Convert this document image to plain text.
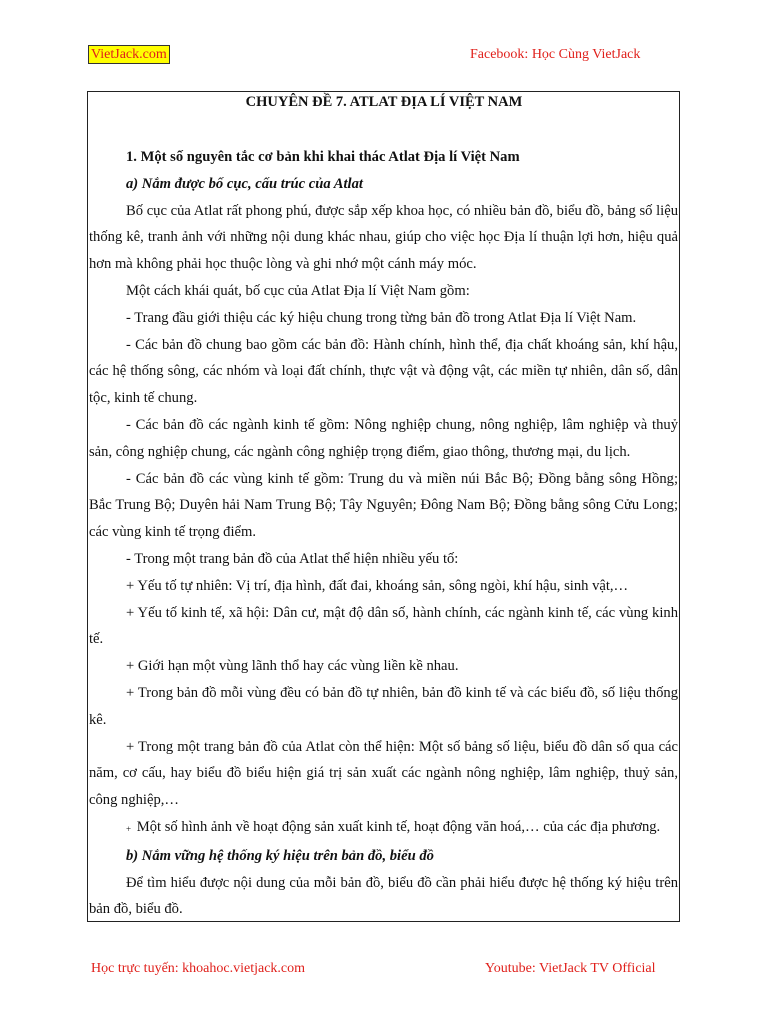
VietJack.com	Facebook: Học Cùng VietJack
CHUYÊN ĐỀ 7. ATLAT ĐỊA LÍ VIỆT NAM

1. Một số nguyên tắc cơ bản khi khai thác Atlat Địa lí Việt Nam

a) Nắm được bố cục, cấu trúc của Atlat

Bố cục của Atlat rất phong phú, được sắp xếp khoa học, có nhiều bản đồ, biểu đồ, bảng số liệu thống kê, tranh ảnh với những nội dung khác nhau, giúp cho việc học Địa lí thuận lợi hơn, hiệu quả hơn mà không phải học thuộc lòng và ghi nhớ một cánh máy móc.

Một cách khái quát, bố cục của Atlat Địa lí Việt Nam gồm:

- Trang đầu giới thiệu các ký hiệu chung trong từng bản đồ trong Atlat Địa lí Việt Nam.

- Các bản đồ chung bao gồm các bản đồ: Hành chính, hình thể, địa chất khoáng sản, khí hậu, các hệ thống sông, các nhóm và loại đất chính, thực vật và động vật, các miền tự nhiên, dân số, dân tộc, kinh tế chung.

- Các bản đồ các ngành kinh tế gồm: Nông nghiệp chung, nông nghiệp, lâm nghiệp và thuỷ sản, công nghiệp chung, các ngành công nghiệp trọng điểm, giao thông, thương mại, du lịch.

- Các bản đồ các vùng kinh tế gồm: Trung du và miền núi Bắc Bộ; Đồng bằng sông Hồng; Bắc Trung Bộ; Duyên hải Nam Trung Bộ; Tây Nguyên; Đông Nam Bộ; Đồng bằng sông Cửu Long; các vùng kinh tế trọng điểm.

- Trong một trang bản đồ của Atlat thể hiện nhiều yếu tố:

+ Yếu tố tự nhiên: Vị trí, địa hình, đất đai, khoáng sản, sông ngòi, khí hậu, sinh vật,…

+ Yếu tố kinh tế, xã hội: Dân cư, mật độ dân số, hành chính, các ngành kinh tế, các vùng kinh tế.

+ Giới hạn một vùng lãnh thổ hay các vùng liền kề nhau.

+ Trong bản đồ mỗi vùng đều có bản đồ tự nhiên, bản đồ kinh tế và các biểu đồ, số liệu thống kê.

+ Trong một trang bản đồ của Atlat còn thể hiện: Một số bảng số liệu, biểu đồ dân số qua các năm, cơ cấu, hay biểu đồ biểu hiện giá trị sản xuất các ngành nông nghiệp, lâm nghiệp, thuỷ sản, công nghiệp,…

+ Một số hình ảnh về hoạt động sản xuất kinh tế, hoạt động văn hoá,… của các địa phương.

b) Nắm vững hệ thống ký hiệu trên bản đồ, biểu đồ

Để tìm hiểu được nội dung của mỗi bản đồ, biểu đồ cần phải hiểu được hệ thống ký hiệu trên bản đồ, biểu đồ.

Học trực tuyến: khoahoc.vietjack.com	Youtube: VietJack TV Official
